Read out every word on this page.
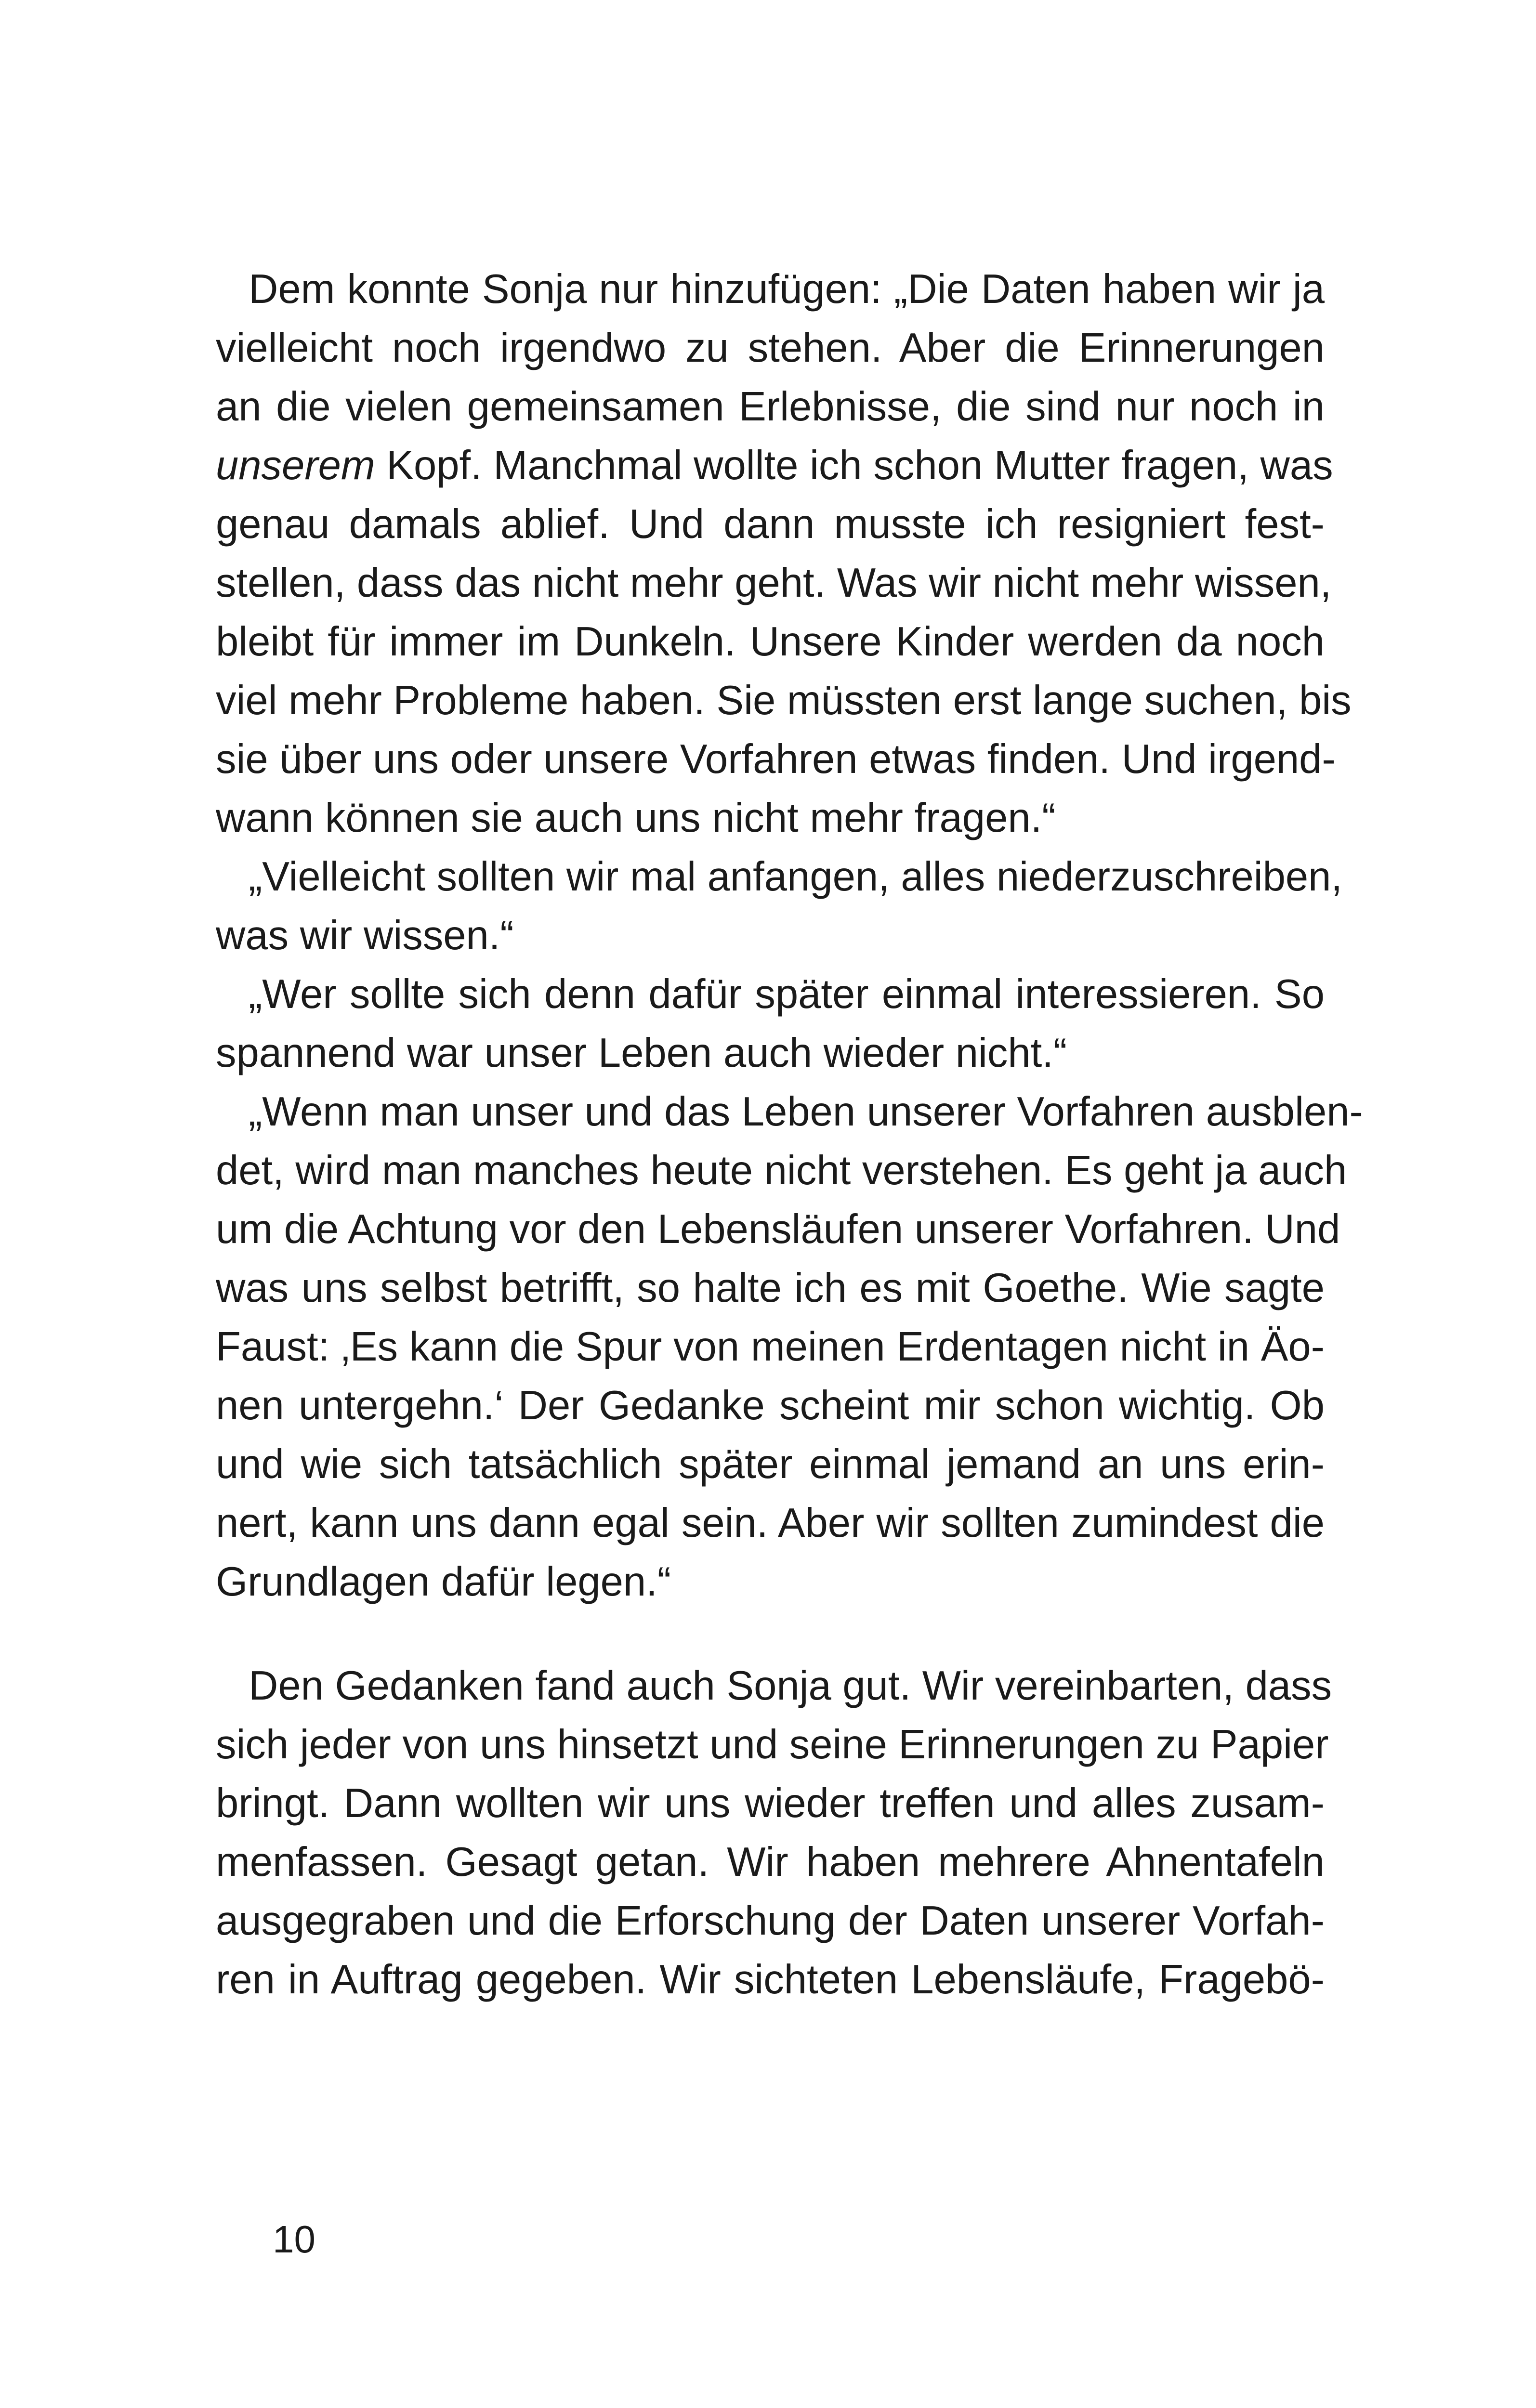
Dem konnte Sonja nur hinzufügen: „Die Daten haben wir ja
vielleicht noch irgendwo zu stehen. Aber die Erinnerungen
an die vielen gemeinsamen Erlebnisse, die sind nur noch in
unserem Kopf. Manchmal wollte ich schon Mutter fragen, was
genau damals ablief. Und dann musste ich resigniert fest-
stellen, dass das nicht mehr geht. Was wir nicht mehr wissen,
bleibt für immer im Dunkeln. Unsere Kinder werden da noch
viel mehr Probleme haben. Sie müssten erst lange suchen, bis
sie über uns oder unsere Vorfahren etwas finden. Und irgend-
wann können sie auch uns nicht mehr fragen.“
„Vielleicht sollten wir mal anfangen, alles niederzuschreiben,
was wir wissen.“
„Wer sollte sich denn dafür später einmal interessieren. So
spannend war unser Leben auch wieder nicht.“
„Wenn man unser und das Leben unserer Vorfahren ausblen-
det, wird man manches heute nicht verstehen. Es geht ja auch
um die Achtung vor den Lebensläufen unserer Vorfahren. Und
was uns selbst betrifft, so halte ich es mit Goethe. Wie sagte
Faust: ‚Es kann die Spur von meinen Erdentagen nicht in Äo-
nen untergehn.‘ Der Gedanke scheint mir schon wichtig. Ob
und wie sich tatsächlich später einmal jemand an uns erin-
nert, kann uns dann egal sein. Aber wir sollten zumindest die
Grundlagen dafür legen.“
Den Gedanken fand auch Sonja gut. Wir vereinbarten, dass
sich jeder von uns hinsetzt und seine Erinnerungen zu Papier
bringt. Dann wollten wir uns wieder treffen und alles zusam-
menfassen. Gesagt getan. Wir haben mehrere Ahnentafeln
ausgegraben und die Erforschung der Daten unserer Vorfah-
ren in Auftrag gegeben. Wir sichteten Lebensläufe, Fragebö-
10
